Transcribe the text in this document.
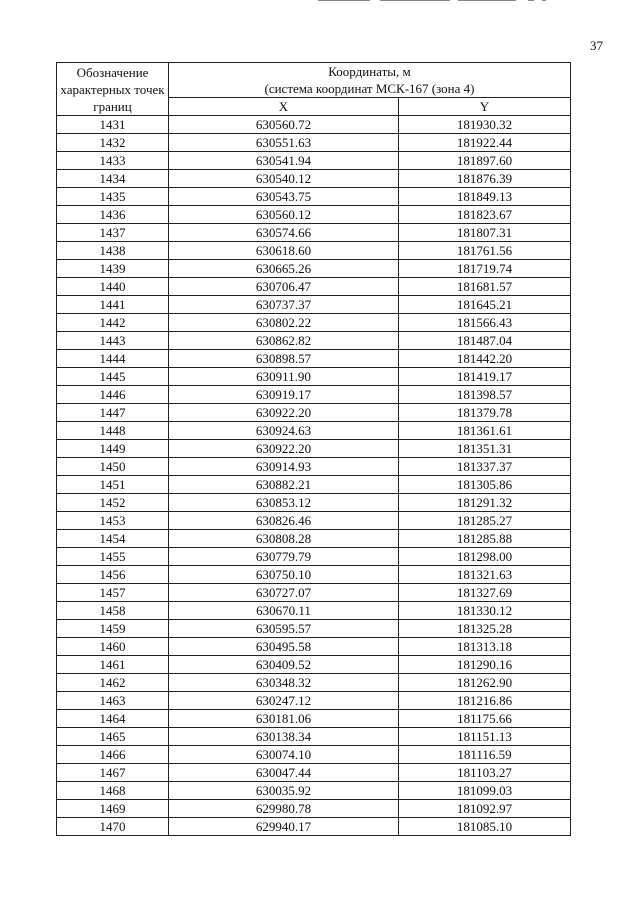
37
Обозначение характерных точек границ	Координаты, м
(система координат МСК-167 (зона 4)	

	X	Y
1431	630560.72	181930.32
1432	630551.63	181922.44
1433	630541.94	181897.60
1434	630540.12	181876.39
1435	630543.75	181849.13
1436	630560.12	181823.67
1437	630574.66	181807.31
1438	630618.60	181761.56
1439	630665.26	181719.74
1440	630706.47	181681.57
1441	630737.37	181645.21
1442	630802.22	181566.43
1443	630862.82	181487.04
1444	630898.57	181442.20
1445	630911.90	181419.17
1446	630919.17	181398.57
1447	630922.20	181379.78
1448	630924.63	181361.61
1449	630922.20	181351.31
1450	630914.93	181337.37
1451	630882.21	181305.86
1452	630853.12	181291.32
1453	630826.46	181285.27
1454	630808.28	181285.88
1455	630779.79	181298.00
1456	630750.10	181321.63
1457	630727.07	181327.69
1458	630670.11	181330.12
1459	630595.57	181325.28
1460	630495.58	181313.18
1461	630409.52	181290.16
1462	630348.32	181262.90
1463	630247.12	181216.86
1464	630181.06	181175.66
1465	630138.34	181151.13
1466	630074.10	181116.59
1467	630047.44	181103.27
1468	630035.92	181099.03
1469	629980.78	181092.97
1470	629940.17	181085.10
